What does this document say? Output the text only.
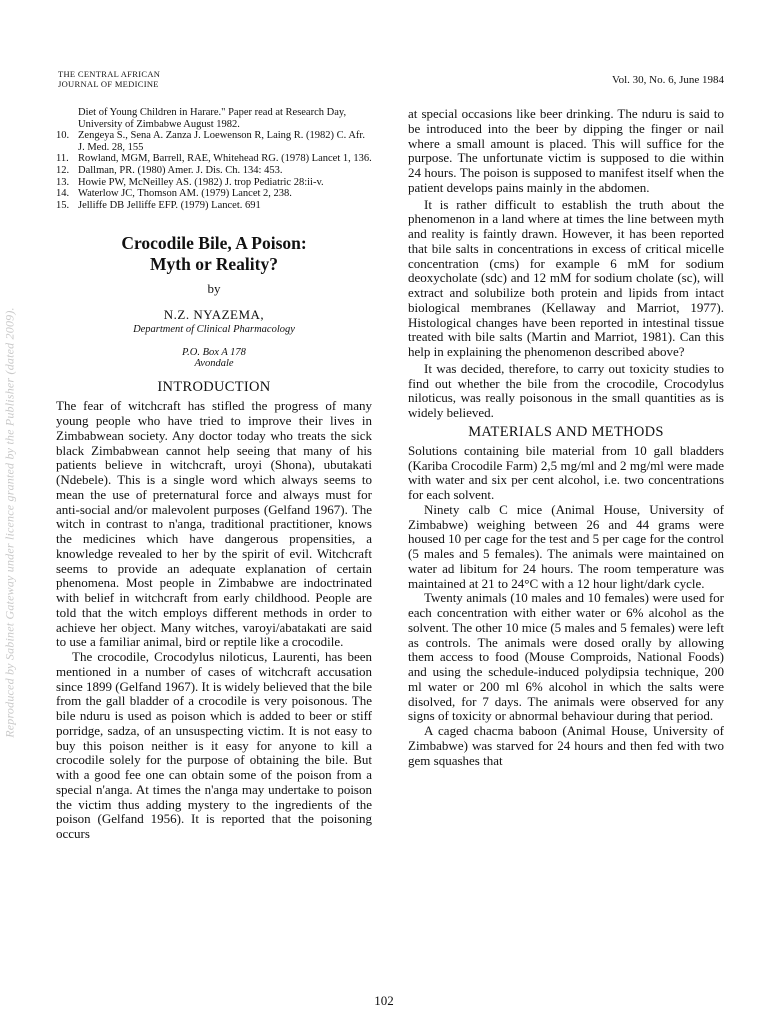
Reproduced by Sabinet Gateway under licence granted by the Publisher (dated 2009).
THE CENTRAL AFRICAN
JOURNAL OF MEDICINE	Vol. 30, No. 6, June 1984
Diet of Young Children in Harare." Paper read at Research Day, University of Zimbabwe August 1982.
10. Zengeya S., Sena A. Zanza J. Loewenson R, Laing R. (1982) C. Afr. J. Med. 28, 155
11. Rowland, MGM, Barrell, RAE, Whitehead RG. (1978) Lancet 1, 136.
12. Dallman, PR. (1980) Amer. J. Dis. Ch. 134: 453.
13. Howie PW, McNeilley AS. (1982) J. trop Pediatric 28:ii-v.
14. Waterlow JC, Thomson AM. (1979) Lancet 2, 238.
15. Jelliffe DB Jelliffe EFP. (1979) Lancet. 691
Crocodile Bile, A Poison:
Myth or Reality?
by
N.Z. NYAZEMA,
Department of Clinical Pharmacology
P.O. Box A 178
Avondale
INTRODUCTION

The fear of witchcraft has stifled the progress of many young people who have tried to improve their lives in Zimbabwean society. Any doctor today who treats the sick black Zimbabwean cannot help seeing that many of his patients believe in witchcraft, uroyi (Shona), ubutakati (Ndebele). This is a single word which always seems to mean the use of preternatural force and always must for anti-social and/or malevolent purposes (Gelfand 1967). The witch in contrast to n'anga, traditional practitioner, knows the medicines which have dangerous propensities, a knowledge revealed to her by the spirit of evil. Witchcraft seems to provide an adequate explanation of certain phenomena. Most people in Zimbabwe are indoctrinated with belief in witchcraft from early childhood. People are told that the witch employs different methods in order to achieve her object. Many witches, varoyi/abatakati are said to use a familiar animal, bird or reptile like a crocodile.

The crocodile, Crocodylus niloticus, Laurenti, has been mentioned in a number of cases of witchcraft accusation since 1899 (Gelfand 1967). It is widely believed that the bile from the gall bladder of a crocodile is very poisonous. The bile nduru is used as poison which is added to beer or stiff porridge, sadza, of an unsuspecting victim. It is not easy to buy this poison neither is it easy for anyone to kill a crocodile solely for the purpose of obtaining the bile. But with a good fee one can obtain some of the poison from a special n'anga. At times the n'anga may undertake to poison the victim thus adding mystery to the ingredients of the poison (Gelfand 1956). It is reported that the poisoning occurs

at special occasions like beer drinking. The nduru is said to be introduced into the beer by dipping the finger or nail where a small amount is placed. This will suffice for the purpose. The unfortunate victim is supposed to die within 24 hours. The poison is supposed to manifest itself when the patient develops pains mainly in the abdomen.

It is rather difficult to establish the truth about the phenomenon in a land where at times the line between myth and reality is faintly drawn. However, it has been reported that bile salts in concentrations in excess of critical micelle concentration (cms) for example 6 mM for sodium deoxycholate (sdc) and 12 mM for sodium cholate (sc), will extract and solubilize both protein and lipids from intact biological membranes (Kellaway and Marriot, 1977). Histological changes have been reported in intestinal tissue treated with bile salts (Martin and Marriot, 1981). Can this help in explaining the phenomenon described above?

It was decided, therefore, to carry out toxicity studies to find out whether the bile from the crocodile, Crocodylus niloticus, was really poisonous in the small quantities as is widely believed.

MATERIALS AND METHODS

Solutions containing bile material from 10 gall bladders (Kariba Crocodile Farm) 2,5 mg/ml and 2 mg/ml were made with water and six per cent alcohol, i.e. two concentrations for each solvent.

Ninety calb C mice (Animal House, University of Zimbabwe) weighing between 26 and 44 grams were housed 10 per cage for the test and 5 per cage for the control (5 males and 5 females). The animals were maintained on water ad libitum for 24 hours. The room temperature was maintained at 21 to 24°C with a 12 hour light/dark cycle.

Twenty animals (10 males and 10 females) were used for each concentration with either water or 6% alcohol as the solvent. The other 10 mice (5 males and 5 females) were left as controls. The animals were dosed orally by allowing them access to food (Mouse Comproids, National Foods) and using the schedule-induced polydipsia technique, 200 ml water or 200 ml 6% alcohol in which the salts were disolved, for 7 days. The animals were observed for any signs of toxicity or abnormal behaviour during that period.

A caged chacma baboon (Animal House, University of Zimbabwe) was starved for 24 hours and then fed with two gem squashes that

102
